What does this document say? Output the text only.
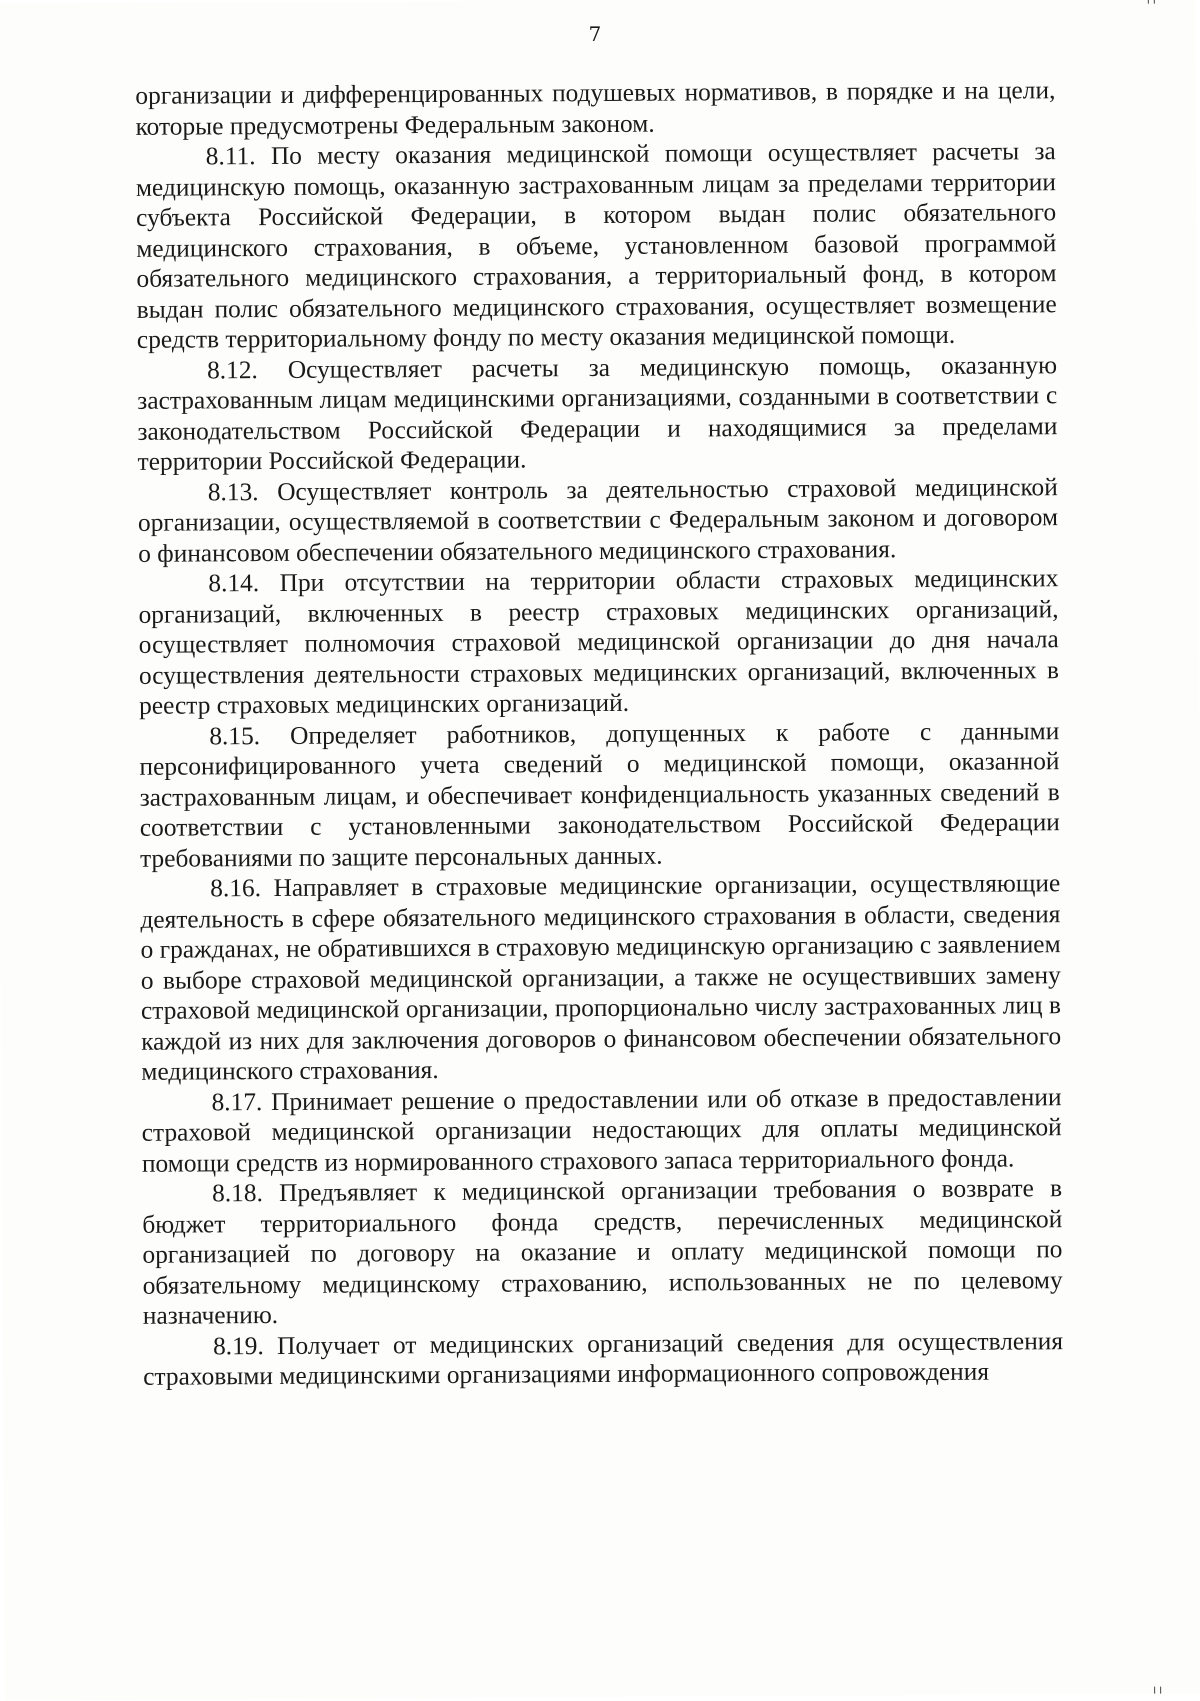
7

организации и дифференцированных подушевых нормативов, в порядке и на цели, которые предусмотрены Федеральным законом.

8.11. По месту оказания медицинской помощи осуществляет расчеты за медицинскую помощь, оказанную застрахованным лицам за пределами территории субъекта Российской Федерации, в котором выдан полис обязательного медицинского страхования, в объеме, установленном базовой программой обязательного медицинского страхования, а территориальный фонд, в котором выдан полис обязательного медицинского страхования, осуществляет возмещение средств территориальному фонду по месту оказания медицинской помощи.

8.12. Осуществляет расчеты за медицинскую помощь, оказанную застрахованным лицам медицинскими организациями, созданными в соответствии с законодательством Российской Федерации и находящимися за пределами территории Российской Федерации.

8.13. Осуществляет контроль за деятельностью страховой медицинской организации, осуществляемой в соответствии с Федеральным законом и договором о финансовом обеспечении обязательного медицинского страхования.

8.14. При отсутствии на территории области страховых медицинских организаций, включенных в реестр страховых медицинских организаций, осуществляет полномочия страховой медицинской организации до дня начала осуществления деятельности страховых медицинских организаций, включенных в реестр страховых медицинских организаций.

8.15. Определяет работников, допущенных к работе с данными персонифицированного учета сведений о медицинской помощи, оказанной застрахованным лицам, и обеспечивает конфиденциальность указанных сведений в соответствии с установленными законодательством Российской Федерации требованиями по защите персональных данных.

8.16. Направляет в страховые медицинские организации, осуществляющие деятельность в сфере обязательного медицинского страхования в области, сведения о гражданах, не обратившихся в страховую медицинскую организацию с заявлением о выборе страховой медицинской организации, а также не осуществивших замену страховой медицинской организации, пропорционально числу застрахованных лиц в каждой из них для заключения договоров о финансовом обеспечении обязательного медицинского страхования.

8.17. Принимает решение о предоставлении или об отказе в предоставлении страховой медицинской организации недостающих для оплаты медицинской помощи средств из нормированного страхового запаса территориального фонда.

8.18. Предъявляет к медицинской организации требования о возврате в бюджет территориального фонда средств, перечисленных медицинской организацией по договору на оказание и оплату медицинской помощи по обязательному медицинскому страхованию, использованных не по целевому назначению.

8.19. Получает от медицинских организаций сведения для осуществления страховыми медицинскими организациями информационного сопровождения
